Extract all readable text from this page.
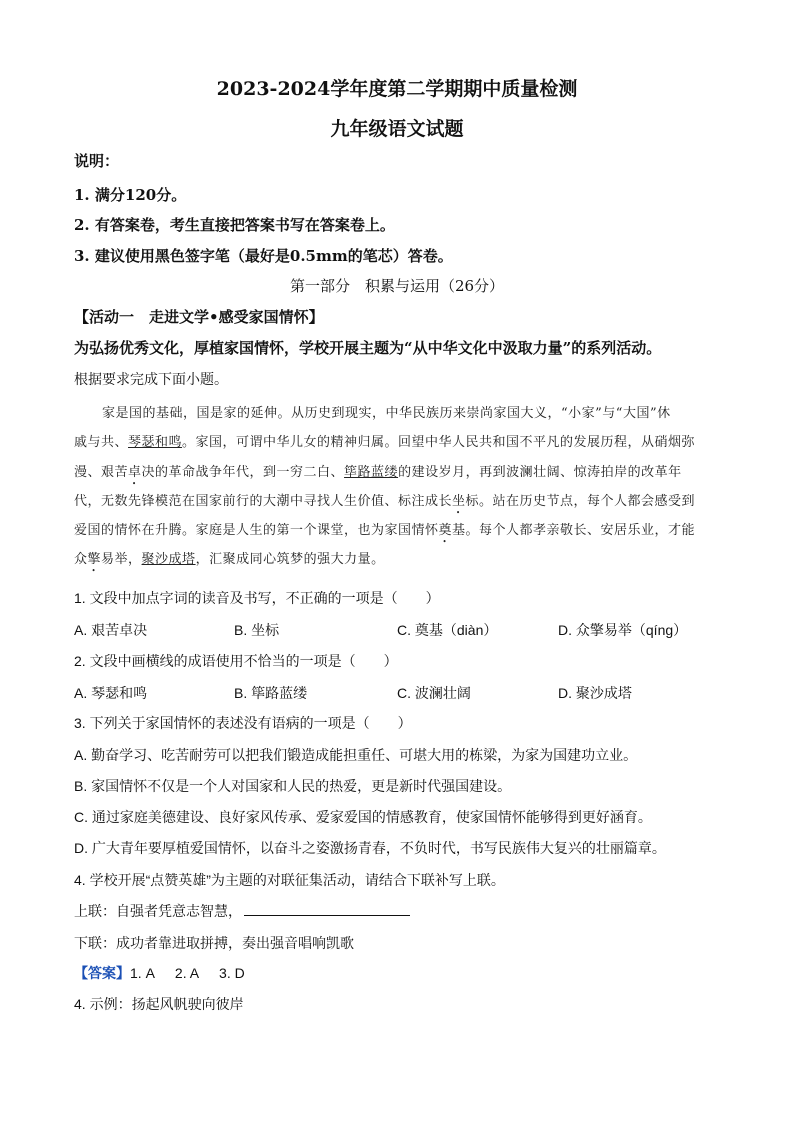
2023-2024学年度第二学期期中质量检测
九年级语文试题
说明：
1. 满分120分。
2. 有答案卷，考生直接把答案书写在答案卷上。
3. 建议使用黑色签字笔（最好是0.5mm的笔芯）答卷。
第一部分　积累与运用（26分）
【活动一　走进文学•感受家国情怀】
为弘扬优秀文化，厚植家国情怀，学校开展主题为“从中华文化中汲取力量”的系列活动。
根据要求完成下面小题。
家是国的基础，国是家的延伸。从历史到现实，中华民族历来崇尚家国大义，“小家”与“大国”休
戚与共、琴瑟和鸣。家国，可谓中华儿女的精神归属。回望中华人民共和国不平凡的发展历程，从硝烟弥
漫、艰苦卓决的革命战争年代，到一穷二白、筚路蓝缕的建设岁月，再到波澜壮阔、惊涛拍岸的改革年
代，无数先锋模范在国家前行的大潮中寻找人生价值、标注成长坐标。站在历史节点，每个人都会感受到
爱国的情怀在升腾。家庭是人生的第一个课堂，也为家国情怀奠基。每个人都孝亲敬长、安居乐业，才能
众擎易举，聚沙成塔，汇聚成同心筑梦的强大力量。
1. 文段中加点字词的读音及书写，不正确的一项是（　　）
A. 艰苦卓决	B. 坐标	C. 奠基（diàn）	D. 众擎易举（qíng）
2. 文段中画横线的成语使用不恰当的一项是（　　）
A. 琴瑟和鸣	B. 筚路蓝缕	C. 波澜壮阔	D. 聚沙成塔
3. 下列关于家国情怀的表述没有语病的一项是（　　）
A. 勤奋学习、吃苦耐劳可以把我们锻造成能担重任、可堪大用的栋梁，为家为国建功立业。
B. 家国情怀不仅是一个人对国家和人民的热爱，更是新时代强国建设。
C. 通过家庭美德建设、良好家风传承、爱家爱国的情感教育，使家国情怀能够得到更好涵育。
D. 广大青年要厚植爱国情怀，以奋斗之姿激扬青春，不负时代，书写民族伟大复兴的壮丽篇章。
4. 学校开展“点赞英雄”为主题的对联征集活动，请结合下联补写上联。
上联：自强者凭意志智慧，
下联：成功者靠进取拼搏，奏出强音唱响凯歌
【答案】1. A 2. A 3. D
4. 示例：扬起风帆驶向彼岸
